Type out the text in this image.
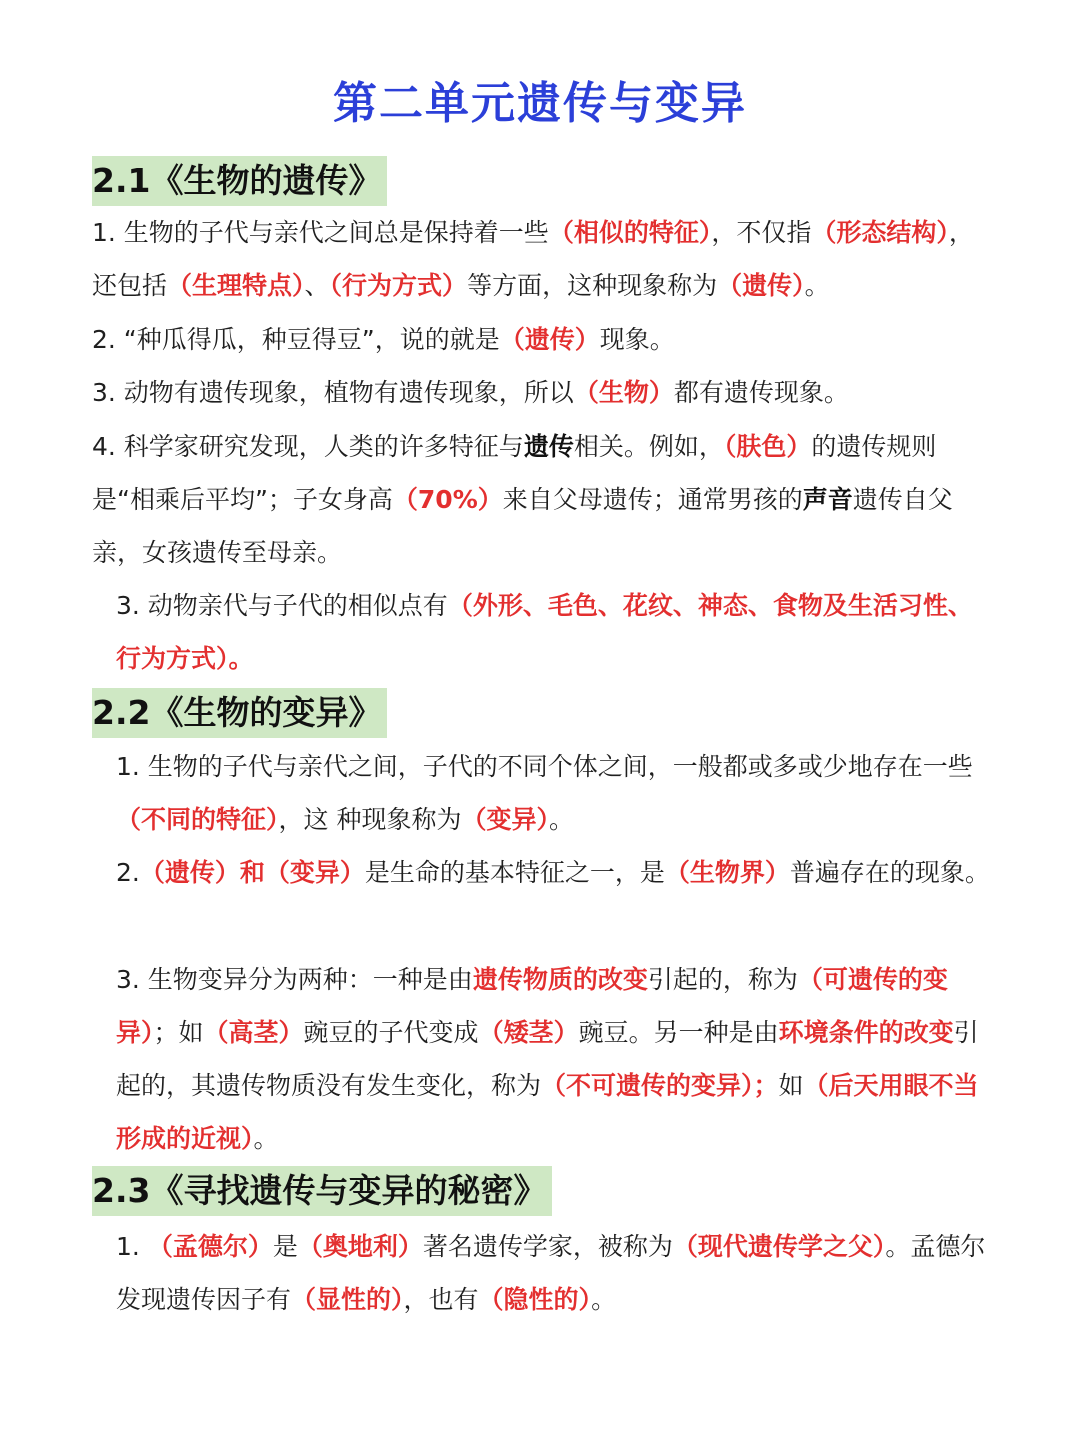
第二单元遗传与变异
2.1《生物的遗传》
1. 生物的子代与亲代之间总是保持着一些（相似的特征），不仅指（形态结构），还包括（生理特点）、（行为方式）等方面，这种现象称为（遗传）。
2. “种瓜得瓜，种豆得豆”，说的就是（遗传）现象。
3. 动物有遗传现象，植物有遗传现象，所以（生物）都有遗传现象。
4. 科学家研究发现，人类的许多特征与遗传相关。例如，（肤色）的遗传规则是“相乘后平均”；子女身高（70%）来自父母遗传；通常男孩的声音遗传自父亲，女孩遗传至母亲。
3. 动物亲代与子代的相似点有（外形、毛色、花纹、神态、食物及生活习性、行为方式）。
2.2《生物的变异》
1. 生物的子代与亲代之间，子代的不同个体之间，一般都或多或少地存在一些（不同的特征），这 种现象称为（变异）。
2.（遗传）和（变异）是生命的基本特征之一，是（生物界）普遍存在的现象。
3. 生物变异分为两种：一种是由遗传物质的改变引起的，称为（可遗传的变异）；如（高茎）豌豆的子代变成（矮茎）豌豆。另一种是由环境条件的改变引起的，其遗传物质没有发生变化，称为（不可遗传的变异）；如（后天用眼不当形成的近视）。
2.3《寻找遗传与变异的秘密》
1. （孟德尔）是（奥地利）著名遗传学家，被称为（现代遗传学之父）。孟德尔发现遗传因子有（显性的），也有（隐性的）。
